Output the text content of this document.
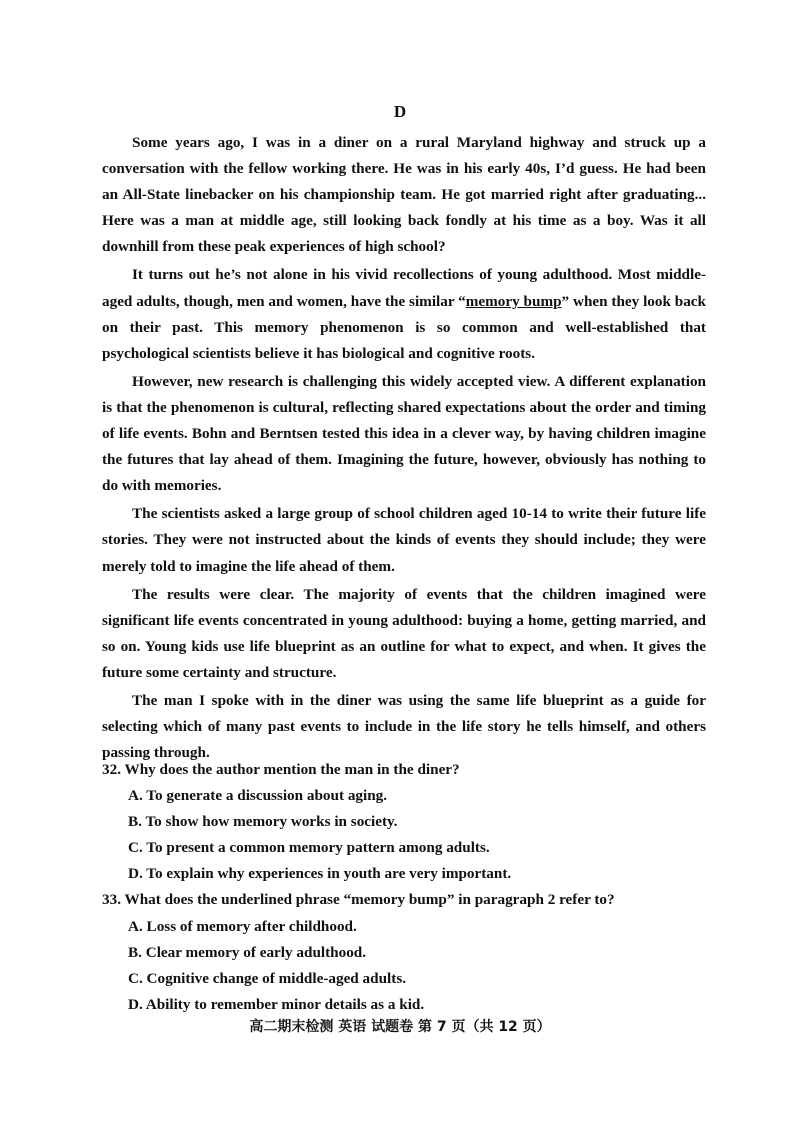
D

Some years ago, I was in a diner on a rural Maryland highway and struck up a conversation with the fellow working there. He was in his early 40s, I’d guess. He had been an All-State linebacker on his championship team. He got married right after graduating... Here was a man at middle age, still looking back fondly at his time as a boy. Was it all downhill from these peak experiences of high school?

It turns out he’s not alone in his vivid recollections of young adulthood. Most middle-aged adults, though, men and women, have the similar “memory bump” when they look back on their past. This memory phenomenon is so common and well-established that psychological scientists believe it has biological and cognitive roots.

However, new research is challenging this widely accepted view. A different explanation is that the phenomenon is cultural, reflecting shared expectations about the order and timing of life events. Bohn and Berntsen tested this idea in a clever way, by having children imagine the futures that lay ahead of them. Imagining the future, however, obviously has nothing to do with memories.

The scientists asked a large group of school children aged 10-14 to write their future life stories. They were not instructed about the kinds of events they should include; they were merely told to imagine the life ahead of them.

The results were clear. The majority of events that the children imagined were significant life events concentrated in young adulthood: buying a home, getting married, and so on. Young kids use life blueprint as an outline for what to expect, and when. It gives the future some certainty and structure.

The man I spoke with in the diner was using the same life blueprint as a guide for selecting which of many past events to include in the life story he tells himself, and others passing through.

32. Why does the author mention the man in the diner?

A. To generate a discussion about aging.

B. To show how memory works in society.

C. To present a common memory pattern among adults.

D. To explain why experiences in youth are very important.

33. What does the underlined phrase “memory bump” in paragraph 2 refer to?

A. Loss of memory after childhood.

B. Clear memory of early adulthood.

C. Cognitive change of middle-aged adults.

D. Ability to remember minor details as a kid.

高二期末检测 英语 试题卷 第 7 页（共 12 页）
